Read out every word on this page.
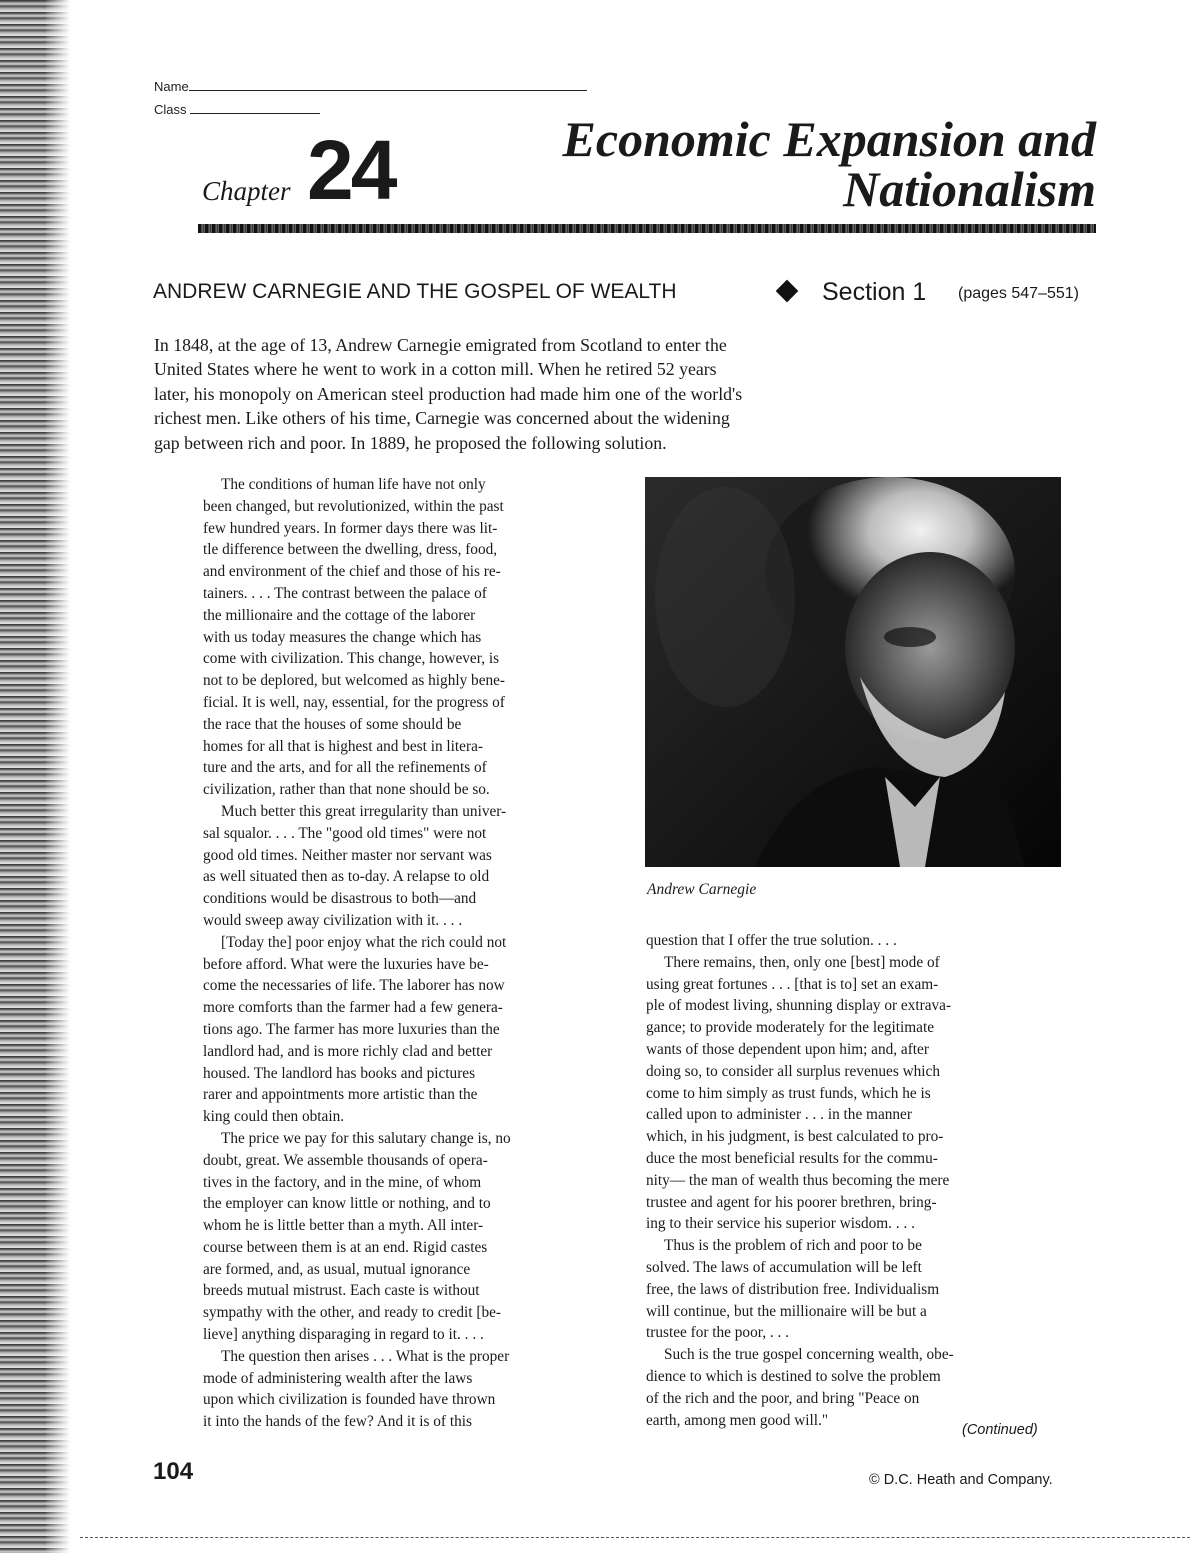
Name
Class
Chapter 24	Economic Expansion and
Nationalism
ANDREW CARNEGIE AND THE GOSPEL OF WEALTH	Section 1 (pages 547–551)

In 1848, at the age of 13, Andrew Carnegie emigrated from Scotland to enter the
United States where he went to work in a cotton mill. When he retired 52 years
later, his monopoly on American steel production had made him one of the world's
richest men. Like others of his time, Carnegie was concerned about the widening
gap between rich and poor. In 1889, he proposed the following solution.

The conditions of human life have not only
been changed, but revolutionized, within the past
few hundred years. In former days there was lit-
tle difference between the dwelling, dress, food,
and environment of the chief and those of his re-
tainers. . . . The contrast between the palace of
the millionaire and the cottage of the laborer
with us today measures the change which has
come with civilization. This change, however, is
not to be deplored, but welcomed as highly bene-
ficial. It is well, nay, essential, for the progress of
the race that the houses of some should be
homes for all that is highest and best in litera-
ture and the arts, and for all the refinements of
civilization, rather than that none should be so.

Much better this great irregularity than univer-
sal squalor. . . . The "good old times" were not
good old times. Neither master nor servant was
as well situated then as to-day. A relapse to old
conditions would be disastrous to both—and
would sweep away civilization with it. . . .

[Today the] poor enjoy what the rich could not
before afford. What were the luxuries have be-
come the necessaries of life. The laborer has now
more comforts than the farmer had a few genera-
tions ago. The farmer has more luxuries than the
landlord had, and is more richly clad and better
housed. The landlord has books and pictures
rarer and appointments more artistic than the
king could then obtain.

The price we pay for this salutary change is, no
doubt, great. We assemble thousands of opera-
tives in the factory, and in the mine, of whom
the employer can know little or nothing, and to
whom he is little better than a myth. All inter-
course between them is at an end. Rigid castes
are formed, and, as usual, mutual ignorance
breeds mutual mistrust. Each caste is without
sympathy with the other, and ready to credit [be-
lieve] anything disparaging in regard to it. . . .

The question then arises . . . What is the proper
mode of administering wealth after the laws
upon which civilization is founded have thrown
it into the hands of the few? And it is of this

Andrew Carnegie

question that I offer the true solution. . . .

There remains, then, only one [best] mode of
using great fortunes . . . [that is to] set an exam-
ple of modest living, shunning display or extrava-
gance; to provide moderately for the legitimate
wants of those dependent upon him; and, after
doing so, to consider all surplus revenues which
come to him simply as trust funds, which he is
called upon to administer . . . in the manner
which, in his judgment, is best calculated to pro-
duce the most beneficial results for the commu-
nity— the man of wealth thus becoming the mere
trustee and agent for his poorer brethren, bring-
ing to their service his superior wisdom. . . .

Thus is the problem of rich and poor to be
solved. The laws of accumulation will be left
free, the laws of distribution free. Individualism
will continue, but the millionaire will be but a
trustee for the poor, . . .

Such is the true gospel concerning wealth, obe-
dience to which is destined to solve the problem
of the rich and the poor, and bring "Peace on
earth, among men good will."

(Continued)
104	© D.C. Heath and Company.
